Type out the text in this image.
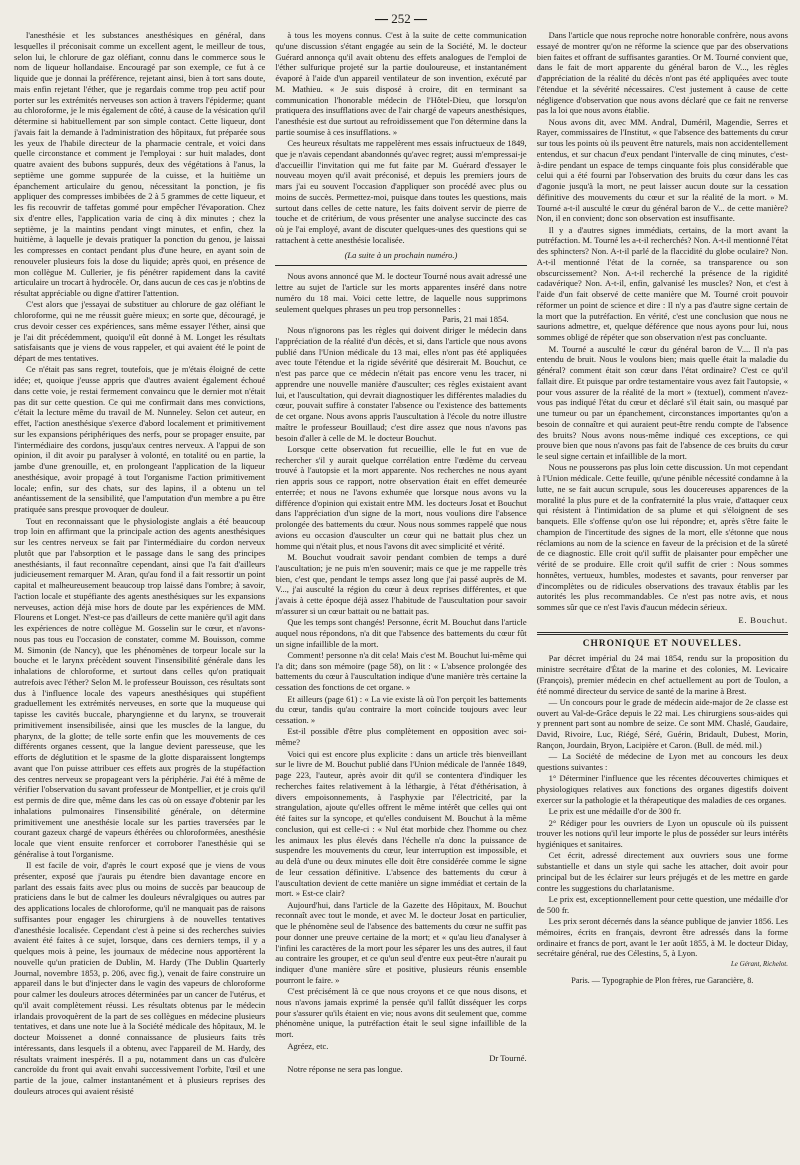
— 252 —

l'anesthésie et les substances anesthésiques en général, dans lesquelles il préconisait comme un excellent agent, le meilleur de tous, selon lui, le chlorure de gaz oléfiant, connu dans le commerce sous le nom de liqueur hollandaise. Encouragé par son exemple, ce fut à ce liquide que je donnai la préférence, rejetant ainsi, bien à tort sans doute, mais enfin rejetant l'éther, que je regardais comme trop peu actif pour porter sur les extrémités nerveuses son action à travers l'épiderme; quant au chloroforme, je le mis également de côté, à cause de la vésication qu'il détermine si habituellement par son simple contact. Cette liqueur, dont j'avais fait la demande à l'administration des hôpitaux, fut préparée sous les yeux de l'habile directeur de la pharmacie centrale, et voici dans quelle circonstance et comment je l'employai : sur huit malades, dont quatre avaient des bubons suppurés, deux des végétations à l'anus, la septième une gomme suppurée de la cuisse, et la huitième un épanchement articulaire du genou, nécessitant la ponction, je fis appliquer des compresses imbibées de 2 à 5 grammes de cette liqueur, et les fis recouvrir de taffetas gommé pour empêcher l'évaporation. Chez six d'entre elles, l'application varia de cinq à dix minutes ; chez la septième, je la maintins pendant vingt minutes, et enfin, chez la huitième, à laquelle je devais pratiquer la ponction du genou, je laissai les compresses en contact pendant plus d'une heure, en ayant soin de renouveler plusieurs fois la dose du liquide; après quoi, en présence de mon collègue M. Cullerier, je fis pénétrer rapidement dans la cavité articulaire un trocart à hydrocèle. Or, dans aucun de ces cas je n'obtins de résultat appréciable ou digne d'attirer l'attention.

C'est alors que j'essayai de substituer au chlorure de gaz oléfiant le chloroforme, qui ne me réussit guère mieux; en sorte que, découragé, je crus devoir cesser ces expériences, sans même essayer l'éther, ainsi que je l'ai dit précédemment, quoiqu'il eût donné à M. Longet les résultats satisfaisants que je viens de vous rappeler, et qui avaient été le point de départ de mes tentatives.

Ce n'était pas sans regret, toutefois, que je m'étais éloigné de cette idée; et, quoique j'eusse appris que d'autres avaient également échoué dans cette voie, je restai fermement convaincu que le dernier mot n'était pas dit sur cette question. Ce qui me confirmait dans mes convictions, c'était la lecture même du travail de M. Nunneley. Selon cet auteur, en effet, l'action anesthésique s'exerce d'abord localement et primitivement sur les expansions périphériques des nerfs, pour se propager ensuite, par l'intermédiaire des cordons, jusqu'aux centres nerveux. A l'appui de son opinion, il dit avoir pu paralyser à volonté, en totalité ou en partie, la jambe d'une grenouille, et, en prolongeant l'application de la liqueur anesthésique, avoir propagé à tout l'organisme l'action primitivement locale; enfin, sur des chats, sur des lapins, il a obtenu un tel anéantissement de la sensibilité, que l'amputation d'un membre a pu être pratiquée sans presque provoquer de douleur.

Tout en reconnaissant que le physiologiste anglais a été beaucoup trop loin en affirmant que la principale action des agents anesthésiques sur les centres nerveux se fait par l'intermédiaire du cordon nerveux plutôt que par l'absorption et le passage dans le sang des principes anesthésiants, il faut reconnaître cependant, ainsi que l'a fait d'ailleurs judicieusement remarquer M. Aran, qu'au fond il a fait ressortir un point capital et malheureusement beaucoup trop laissé dans l'ombre; à savoir, l'action locale et stupéfiante des agents anesthésiques sur les expansions nerveuses, action déjà mise hors de doute par les expériences de MM. Flourens et Longet. N'est-ce pas d'ailleurs de cette manière qu'il agit dans les expériences de notre collègue M. Gosselin sur le cœur, et n'avons-nous pas tous eu l'occasion de constater, comme M. Bouisson, comme M. Simonin (de Nancy), que les phénomènes de torpeur locale sur la bouche et le larynx précèdent souvent l'insensibilité générale dans les inhalations de chloroforme, et surtout dans celles qu'on pratiquait autrefois avec l'éther? Selon M. le professeur Bouisson, ces résultats sont dus à l'influence locale des vapeurs anesthésiques qui stupéfient graduellement les extrémités nerveuses, en sorte que la muqueuse qui tapisse les cavités buccale, pharyngienne et du larynx, se trouverait primitivement insensibilisée, ainsi que les muscles de la langue, du pharynx, de la glotte; de telle sorte enfin que les mouvements de ces différents organes cessent, que la langue devient paresseuse, que les efforts de déglutition et le spasme de la glotte disparaissent longtemps avant que l'on puisse attribuer ces effets aux progrès de la stupéfaction des centres nerveux se propageant vers la périphérie. J'ai été à même de vérifier l'observation du savant professeur de Montpellier, et je crois qu'il est permis de dire que, même dans les cas où on essaye d'obtenir par les inhalations pulmonaires l'insensibilité générale, on détermine primitivement une anesthésie locale sur les parties traversées par le courant gazeux chargé de vapeurs éthérées ou chloroformées, anesthésie locale que vient ensuite renforcer et corroborer l'anesthésie qui se généralise à tout l'organisme.

Il est facile de voir, d'après le court exposé que je viens de vous présenter, exposé que j'aurais pu étendre bien davantage encore en parlant des essais faits avec plus ou moins de succès par beaucoup de praticiens dans le but de calmer les douleurs névralgiques ou autres par des applications locales de chloroforme, qu'il ne manquait pas de raisons suffisantes pour engager les chirurgiens à de nouvelles tentatives d'anesthésie localisée. Cependant c'est à peine si des recherches suivies avaient été faites à ce sujet, lorsque, dans ces derniers temps, il y a quelques mois à peine, les journaux de médecine nous apportèrent la nouvelle qu'un praticien de Dublin, M. Hardy (The Dublin Quarterly Journal, novembre 1853, p. 206, avec fig.), venait de faire construire un appareil dans le but d'injecter dans le vagin des vapeurs de chloroforme pour calmer les douleurs atroces déterminées par un cancer de l'utérus, et qu'il avait complètement réussi. Les résultats obtenus par le médecin irlandais provoquèrent de la part de ses collègues en médecine plusieurs tentatives, et dans une note lue à la Société médicale des hôpitaux, M. le docteur Moissenet a donné connaissance de plusieurs faits très intéressants, dans lesquels il a obtenu, avec l'appareil de M. Hardy, des résultats vraiment inespérés. Il a pu, notamment dans un cas d'ulcère cancroïde du front qui avait envahi successivement l'orbite, l'œil et une partie de la joue, calmer instantanément et à plusieurs reprises des douleurs atroces qui avaient résisté

à tous les moyens connus. C'est à la suite de cette communication qu'une discussion s'étant engagée au sein de la Société, M. le docteur Guérard annonça qu'il avait obtenu des effets analogues de l'emploi de l'éther sulfurique projeté sur la partie douloureuse, et instantanément évaporé à l'aide d'un appareil ventilateur de son invention, exécuté par M. Mathieu. « Je suis disposé à croire, dit en terminant sa communication l'honorable médecin de l'Hôtel-Dieu, que lorsqu'on pratiquera des insufflations avec de l'air chargé de vapeurs anesthésiques, l'anesthésie est due surtout au refroidissement que l'on détermine dans la partie soumise à ces insufflations. »

Ces heureux résultats me rappelèrent mes essais infructueux de 1849, que je n'avais cependant abandonnés qu'avec regret; aussi m'empressai-je d'accueillir l'invitation qui me fut faite par M. Guérard d'essayer le nouveau moyen qu'il avait préconisé, et depuis les premiers jours de mars j'ai eu souvent l'occasion d'appliquer son procédé avec plus ou moins de succès. Permettez-moi, puisque dans toutes les questions, mais surtout dans celles de cette nature, les faits doivent servir de pierre de touche et de critérium, de vous présenter une analyse succincte des cas où je l'ai employé, avant de discuter quelques-unes des questions qui se rattachent à cette anesthésie localisée.

(La suite à un prochain numéro.)

Nous avons annoncé que M. le docteur Tourné nous avait adressé une lettre au sujet de l'article sur les morts apparentes inséré dans notre numéro du 18 mai. Voici cette lettre, de laquelle nous supprimons seulement quelques phrases un peu trop personnelles :

Paris, 21 mai 1854.

Nous n'ignorons pas les règles qui doivent diriger le médecin dans l'appréciation de la réalité d'un décès, et si, dans l'article que nous avons publié dans l'Union médicale du 13 mai, elles n'ont pas été appliquées avec toute l'étendue et la rigide sévérité que désirerait M. Bouchut, ce n'est pas parce que ce médecin n'était pas encore venu les tracer, ni apprendre une nouvelle manière d'ausculter; ces règles existaient avant lui, et l'auscultation, qui devrait diagnostiquer les différentes maladies du cœur, pouvait suffire à constater l'absence ou l'existence des battements de cet organe. Nous avons appris l'auscultation à l'école du notre illustre maître le professeur Bouillaud; c'est dire assez que nous n'avons pas besoin d'aller à celle de M. le docteur Bouchut.

Lorsque cette observation fut recueillie, elle le fut en vue de rechercher s'il y aurait quelque corrélation entre l'œdème du cerveau trouvé à l'autopsie et la mort apparente. Nos recherches ne nous ayant rien appris sous ce rapport, notre observation était en effet demeurée enterrée; et nous ne l'avons exhumée que lorsque nous avons vu la différence d'opinion qui existait entre MM. les docteurs Josat et Bouchut dans l'appréciation d'un signe de la mort, nous voulions dire l'absence prolongée des battements du cœur. Nous nous sommes rappelé que nous avions eu occasion d'ausculter un cœur qui ne battait plus chez un homme qui n'était plus, et nous l'avons dit avec simplicité et vérité.

M. Bouchut voudrait savoir pendant combien de temps a duré l'auscultation; je ne puis m'en souvenir; mais ce que je me rappelle très bien, c'est que, pendant le temps assez long que j'ai passé auprès de M. V..., j'ai ausculté la région du cœur à deux reprises différentes, et que j'avais à cette époque déjà assez l'habitude de l'auscultation pour savoir m'assurer si un cœur battait ou ne battait pas.

Que les temps sont changés! Personne, écrit M. Bouchut dans l'article auquel nous répondons, n'a dit que l'absence des battements du cœur fût un signe infaillible de la mort.

Comment! personne n'a dit cela! Mais c'est M. Bouchut lui-même qui l'a dit; dans son mémoire (page 58), on lit : « L'absence prolongée des battements du cœur à l'auscultation indique d'une manière très certaine la cessation des fonctions de cet organe. »

Et ailleurs (page 61) : « La vie existe là où l'on perçoit les battements du cœur, tandis qu'au contraire la mort coïncide toujours avec leur cessation. »

Est-il possible d'être plus complètement en opposition avec soi-même?

Voici qui est encore plus explicite : dans un article très bienveillant sur le livre de M. Bouchut publié dans l'Union médicale de l'année 1849, page 223, l'auteur, après avoir dit qu'il se contentera d'indiquer les recherches faites relativement à la léthargie, à l'état d'éthérisation, à divers empoisonnements, à l'asphyxie par l'électricité, par la strangulation, ajoute qu'elles offrent le même intérêt que celles qui ont été faites sur la syncope, et qu'elles conduisent M. Bouchut à la même conclusion, qui est celle-ci : « Nul état morbide chez l'homme ou chez les animaux les plus élevés dans l'échelle n'a donc la puissance de suspendre les mouvements du cœur, leur interruption est impossible, et au delà d'une ou deux minutes elle doit être considérée comme le signe de leur cessation définitive. L'absence des battements du cœur à l'auscultation devient de cette manière un signe immédiat et certain de la mort. » Est-ce clair?

Aujourd'hui, dans l'article de la Gazette des Hôpitaux, M. Bouchut reconnaît avec tout le monde, et avec M. le docteur Josat en particulier, que le phénomène seul de l'absence des battements du cœur ne suffit pas pour donner une preuve certaine de la mort; et « qu'au lieu d'analyser à l'infini les caractères de la mort pour les séparer les uns des autres, il faut au contraire les grouper, et ce qu'un seul d'entre eux peut-être n'aurait pu indiquer d'une manière sûre et positive, plusieurs réunis ensemble pourront le faire. »

C'est précisément là ce que nous croyons et ce que nous disons, et nous n'avons jamais exprimé la pensée qu'il fallût disséquer les corps pour s'assurer qu'ils étaient en vie; nous avons dit seulement que, comme phénomène unique, la putréfaction était le seul signe infaillible de la mort.

Agréez, etc.

Dr Tourné.

Notre réponse ne sera pas longue.

Dans l'article que nous reproche notre honorable confrère, nous avons essayé de montrer qu'on ne réforme la science que par des observations bien faites et offrant de suffisantes garanties. Or M. Tourné convient que, dans le fait de mort apparente du général baron de V..., les règles d'appréciation de la réalité du décès n'ont pas été appliquées avec toute l'étendue et la sévérité nécessaires. C'est justement à cause de cette négligence d'observation que nous avons déclaré que ce fait ne renverse pas la loi que nous avons établie.

Nous avons dit, avec MM. Andral, Duméril, Magendie, Serres et Rayer, commissaires de l'Institut, « que l'absence des battements du cœur sur tous les points où ils peuvent être naturels, mais non accidentellement entendus, et sur chacun d'eux pendant l'intervalle de cinq minutes, c'est-à-dire pendant un espace de temps cinquante fois plus considérable que celui qui a été fourni par l'observation des bruits du cœur dans les cas d'agonie jusqu'à la mort, ne peut laisser aucun doute sur la cessation définitive des mouvements du cœur et sur la réalité de la mort. » M. Tourné a-t-il ausculté le cœur du général baron de V... de cette manière? Non, il en convient; donc son observation est insuffisante.

Il y a d'autres signes immédiats, certains, de la mort avant la putréfaction. M. Tourné les a-t-il recherchés? Non. A-t-il mentionné l'état des sphincters? Non. A-t-il parlé de la flaccidité du globe oculaire? Non. A-t-il mentionné l'état de la cornée, sa transparence ou son obscurcissement? Non. A-t-il recherché la présence de la rigidité cadavérique? Non. A-t-il, enfin, galvanisé les muscles? Non, et c'est à l'aide d'un fait observé de cette manière que M. Tourné croit pouvoir réformer un point de science et dire : Il n'y a pas d'autre signe certain de la mort que la putréfaction. En vérité, c'est une conclusion que nous ne saurions admettre, et, quelque déférence que nous ayons pour lui, nous sommes obligé de répéter que son observation n'est pas concluante.

M. Tourné a ausculté le cœur du général baron de V.... Il n'a pas entendu de bruit. Nous le voulons bien; mais quelle était la maladie du général? comment était son cœur dans l'état ordinaire? C'est ce qu'il fallait dire. Et puisque par ordre testamentaire vous avez fait l'autopsie, « pour vous assurer de la réalité de la mort » (textuel), comment n'avez-vous pas indiqué l'état du cœur et déclaré s'il était sain, ou masqué par une tumeur ou par un épanchement, circonstances importantes qu'on a besoin de connaître et qui auraient peut-être rendu compte de l'absence des bruits? Nous avons nous-même indiqué ces exceptions, ce qui prouve bien que nous n'avons pas fait de l'absence de ces bruits du cœur le seul signe certain et infaillible de la mort.

Nous ne pousserons pas plus loin cette discussion. Un mot cependant à l'Union médicale. Cette feuille, qu'une pénible nécessité condamne à la lutte, ne se fait aucun scrupule, sous les doucereuses apparences de la moralité la plus pure et de la confraternité la plus vraie, d'attaquer ceux qui résistent à l'intimidation de sa plume et qui s'éloignent de ses banquets. Elle s'offense qu'on ose lui répondre; et, après s'être faite le champion de l'incertitude des signes de la mort, elle s'étonne que nous réclamions au nom de la science en faveur de la précision et de la sûreté de ce diagnostic. Elle croit qu'il suffit de plaisanter pour empêcher une vérité de se produire. Elle croit qu'il suffit de crier : Nous sommes honnêtes, vertueux, humbles, modestes et savants, pour renverser par d'incomplètes ou de ridicules observations des travaux établis par les autorités les plus recommandables. Ce n'est pas notre avis, et nous sommes sûr que ce n'est l'avis d'aucun médecin sérieux.

E. Bouchut.
CHRONIQUE ET NOUVELLES.

Par décret impérial du 24 mai 1854, rendu sur la proposition du ministre secrétaire d'État de la marine et des colonies, M. Levicaire (François), premier médecin en chef actuellement au port de Toulon, a été nommé directeur du service de santé de la marine à Brest.

— Un concours pour le grade de médecin aide-major de 2e classe est ouvert au Val-de-Grâce depuis le 22 mai. Les chirurgiens sous-aides qui y prennent part sont au nombre de seize. Ce sont MM. Chaslé, Gaudaire, David, Rivoire, Luc, Riégé, Séré, Guérin, Bridault, Dubest, Morin, Rançon, Jourdain, Bryon, Lacipière et Caron. (Bull. de méd. mil.)

— La Société de médecine de Lyon met au concours les deux questions suivantes :

1° Déterminer l'influence que les récentes découvertes chimiques et physiologiques relatives aux fonctions des organes digestifs doivent exercer sur la pathologie et la thérapeutique des maladies de ces organes.

Le prix est une médaille d'or de 300 fr.

2° Rédiger pour les ouvriers de Lyon un opuscule où ils puissent trouver les notions qu'il leur importe le plus de posséder sur leurs intérêts hygiéniques et sanitaires.

Cet écrit, adressé directement aux ouvriers sous une forme substantielle et dans un style qui sache les attacher, doit avoir pour principal but de les éclairer sur leurs préjugés et de les mettre en garde contre les suggestions du charlatanisme.

Le prix est, exceptionnellement pour cette question, une médaille d'or de 500 fr.

Les prix seront décernés dans la séance publique de janvier 1856. Les mémoires, écrits en français, devront être adressés dans la forme ordinaire et francs de port, avant le 1er août 1855, à M. le docteur Diday, secrétaire général, rue des Célestins, 5, à Lyon.

Le Gérant, Richelot.
Paris. — Typographie de Plon frères, rue Garancière, 8.
